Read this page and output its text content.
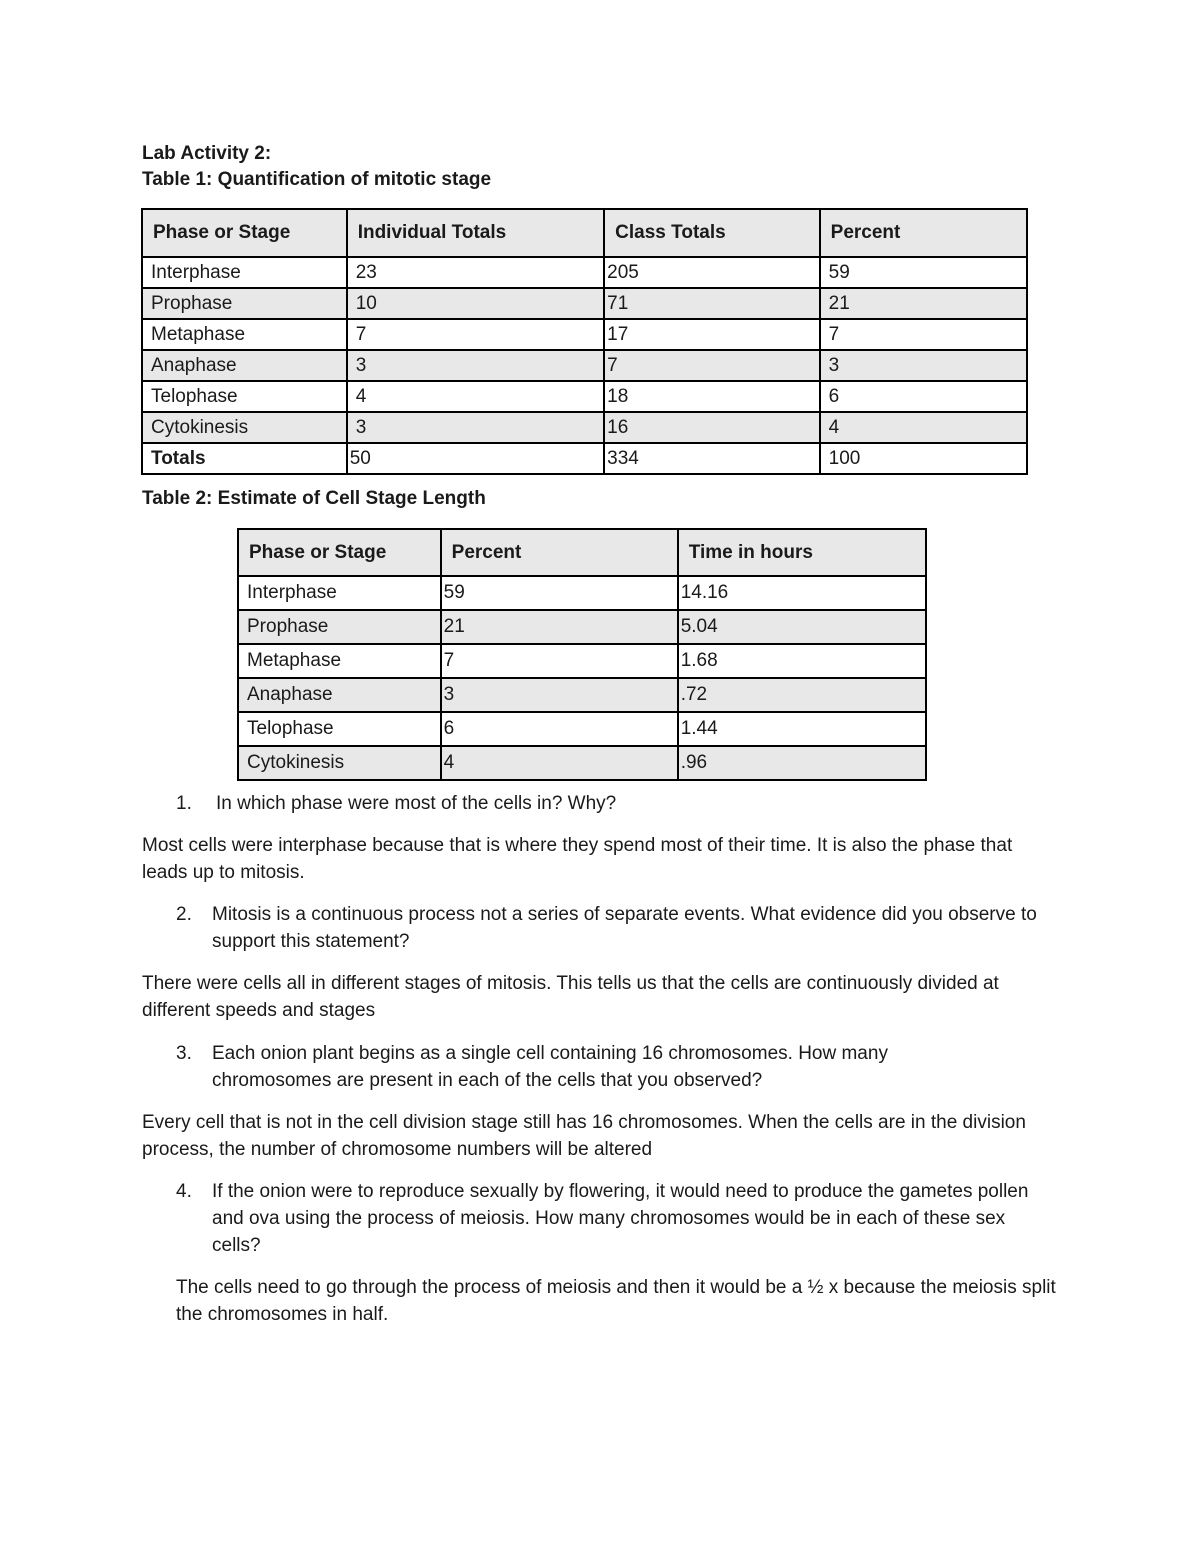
Lab Activity 2:
Table 1: Quantification of mitotic stage
Phase or Stage	Individual Totals	Class Totals	Percent
Interphase	23	205	59
Prophase	10	71	21
Metaphase	7	17	7
Anaphase	3	7	3
Telophase	4	18	6
Cytokinesis	3	16	4
Totals	50	334	100
Table 2: Estimate of Cell Stage Length
Phase or Stage	Percent	Time in hours
Interphase	59	14.16
Prophase	21	5.04
Metaphase	7	1.68
Anaphase	3	.72
Telophase	6	1.44
Cytokinesis	4	.96
1.	In which phase were most of the cells in? Why?
Most cells were interphase because that is where they spend most of their time. It is also the phase that leads up to mitosis.
2.	Mitosis is a continuous process not a series of separate events. What evidence did you observe to support this statement?
There were cells all in different stages of mitosis. This tells us that the cells are continuously divided at different speeds and stages
3.	Each onion plant begins as a single cell containing 16 chromosomes. How many chromosomes are present in each of the cells that you observed?
Every cell that is not in the cell division stage still has 16 chromosomes. When the cells are in the division process, the number of chromosome numbers will be altered
4.	If the onion were to reproduce sexually by flowering, it would need to produce the gametes pollen and ova using the process of meiosis. How many chromosomes would be in each of these sex cells?
The cells need to go through the process of meiosis and then it would be a ½ x because the meiosis split the chromosomes in half.
